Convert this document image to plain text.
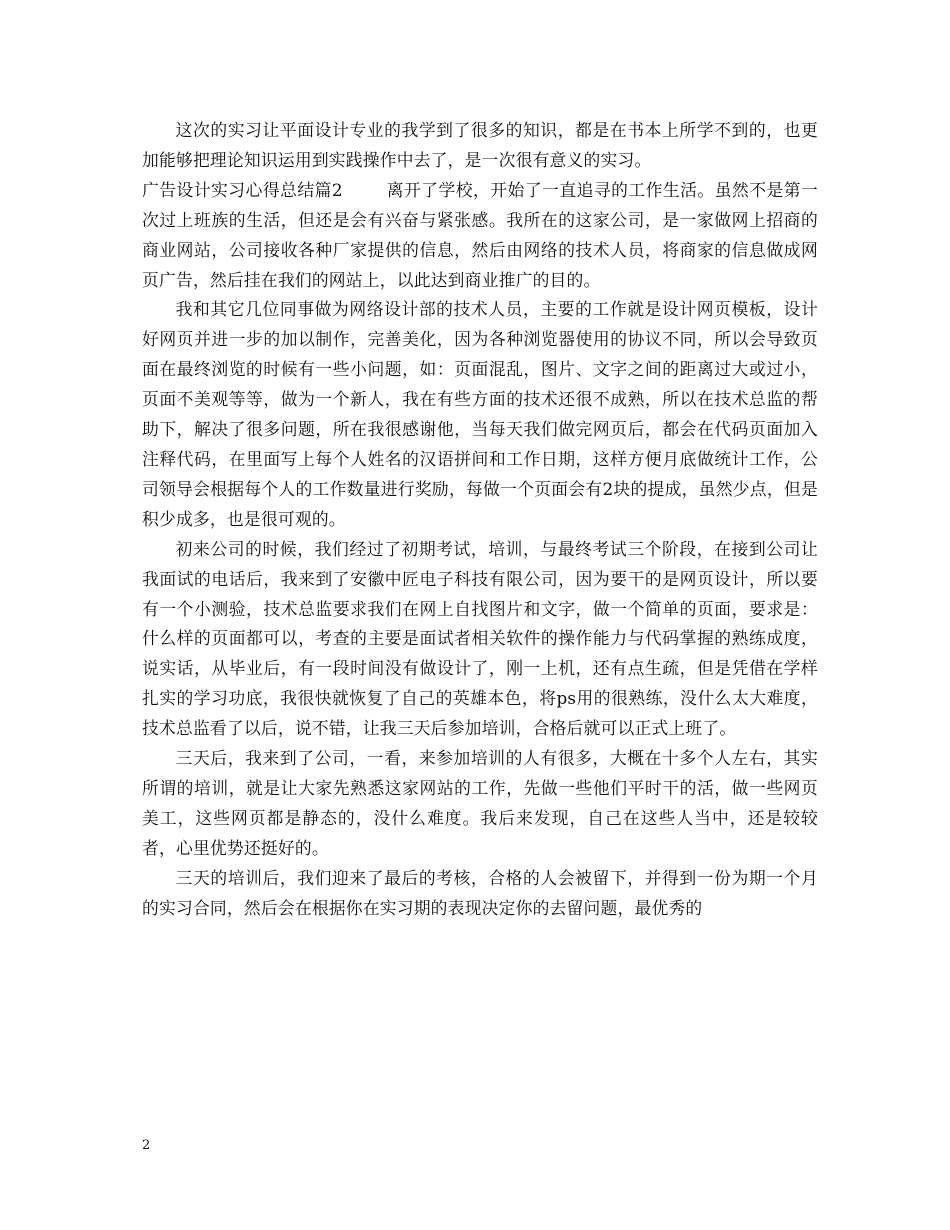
这次的实习让平面设计专业的我学到了很多的知识，都是在书本上所学不到的，也更加能够把理论知识运用到实践操作中去了，是一次很有意义的实习。

广告设计实习心得总结篇2	离开了学校，开始了一直追寻的工作生活。虽然不是第一次过上班族的生活，但还是会有兴奋与紧张感。我所在的这家公司，是一家做网上招商的商业网站，公司接收各种厂家提供的信息，然后由网络的技术人员，将商家的信息做成网页广告，然后挂在我们的网站上，以此达到商业推广的目的。

我和其它几位同事做为网络设计部的技术人员，主要的工作就是设计网页模板，设计好网页并进一步的加以制作，完善美化，因为各种浏览器使用的协议不同，所以会导致页面在最终浏览的时候有一些小问题，如：页面混乱，图片、文字之间的距离过大或过小，页面不美观等等，做为一个新人，我在有些方面的技术还很不成熟，所以在技术总监的帮助下，解决了很多问题，所在我很感谢他，当每天我们做完网页后，都会在代码页面加入注释代码，在里面写上每个人姓名的汉语拼间和工作日期，这样方便月底做统计工作，公司领导会根据每个人的工作数量进行奖励，每做一个页面会有2块的提成，虽然少点，但是积少成多，也是很可观的。

初来公司的时候，我们经过了初期考试，培训，与最终考试三个阶段，在接到公司让我面试的电话后，我来到了安徽中匠电子科技有限公司，因为要干的是网页设计，所以要有一个小测验，技术总监要求我们在网上自找图片和文字，做一个简单的页面，要求是：什么样的页面都可以，考查的主要是面试者相关软件的操作能力与代码掌握的熟练成度，说实话，从毕业后，有一段时间没有做设计了，刚一上机，还有点生疏，但是凭借在学样扎实的学习功底，我很快就恢复了自己的英雄本色，将ps用的很熟练，没什么太大难度，技术总监看了以后，说不错，让我三天后参加培训，合格后就可以正式上班了。

三天后，我来到了公司，一看，来参加培训的人有很多，大概在十多个人左右，其实所谓的培训，就是让大家先熟悉这家网站的工作，先做一些他们平时干的活，做一些网页美工，这些网页都是静态的，没什么难度。我后来发现，自己在这些人当中，还是较较者，心里优势还挺好的。

三天的培训后，我们迎来了最后的考核，合格的人会被留下，并得到一份为期一个月的实习合同，然后会在根据你在实习期的表现决定你的去留问题，最优秀的

2
